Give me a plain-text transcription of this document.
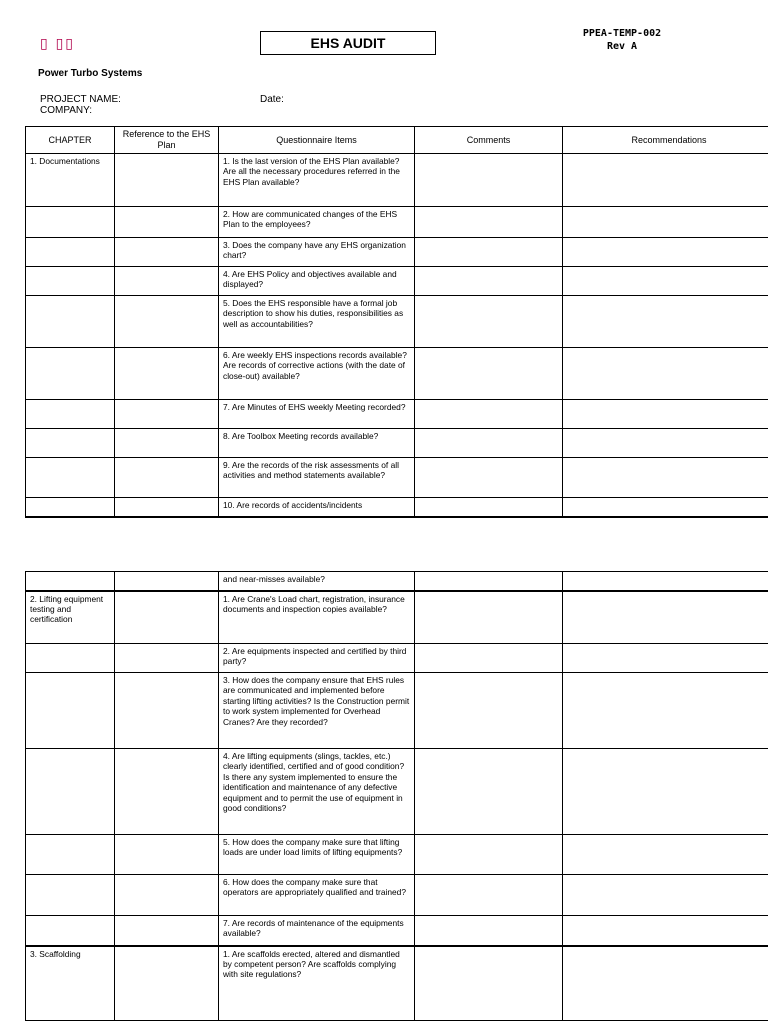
▯ ▯▯	EHS AUDIT
PPEA-TEMP-002
Rev A
Power Turbo Systems
PROJECT NAME:
COMPANY:
Date:
CHAPTER	Reference to the EHS Plan	Questionnaire Items	Comments	Recommendations
1. Documentations		1. Is the last version of the EHS Plan available? Are all the necessary procedures referred in the EHS Plan available?		
		2. How are communicated changes of the EHS Plan to the employees?		
		3. Does the company have any EHS organization chart?		
		4. Are EHS Policy and objectives available and displayed?		
		5. Does the EHS responsible have a formal job description to show his duties, responsibilities as well as accountabilities?		
		6. Are weekly EHS inspections records available? Are records of corrective actions (with the date of close-out) available?		
		7. Are Minutes of EHS weekly Meeting recorded?		
		8. Are Toolbox Meeting records available?		
		9. Are the records of the risk assessments of all activities and method statements available?		
		10. Are records of accidents/incidents		
		and near-misses available?		
2. Lifting equipment testing and certification		1. Are Crane's Load chart, registration, insurance documents and inspection copies available?		
		2. Are equipments inspected and certified by third party?		
		3. How does the company ensure that EHS rules are communicated and implemented before starting lifting activities? Is the Construction permit to work system implemented for Overhead Cranes? Are they recorded?		
		4. Are lifting equipments (slings, tackles, etc.) clearly identified, certified and of good condition? Is there any system implemented to ensure the identification and maintenance of any defective equipment and to permit the use of equipment in good conditions?		
		5. How does the company make sure that lifting loads are under load limits of lifting equipments?		
		6. How does the company make sure that operators are appropriately qualified and trained?		
		7. Are records of maintenance of the equipments available?		
3. Scaffolding		1. Are scaffolds erected, altered and dismantled by competent person? Are scaffolds complying with site regulations?		
